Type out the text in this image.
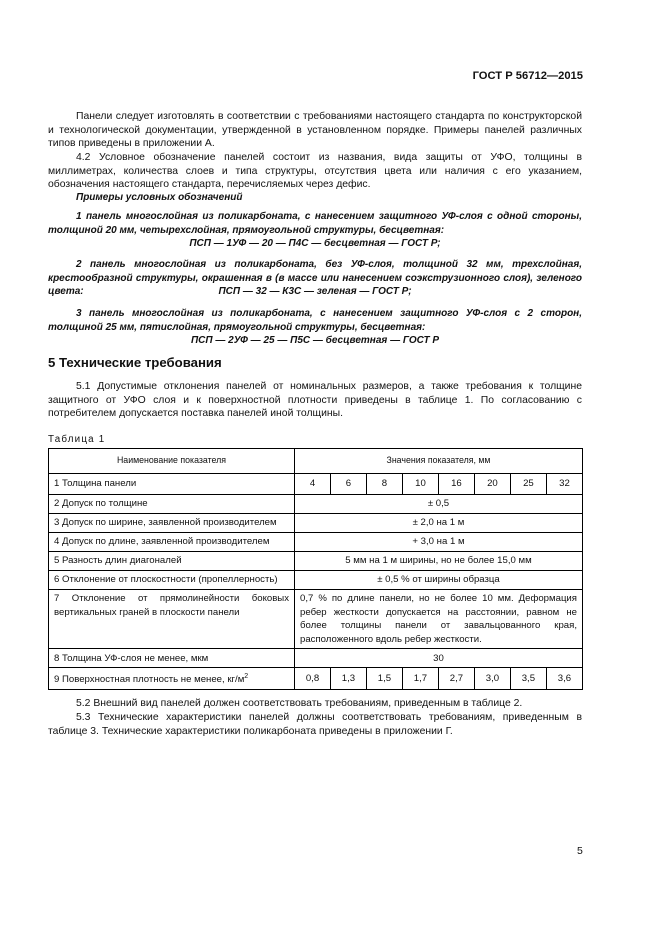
ГОСТ Р 56712—2015

Панели следует изготовлять в соответствии с требованиями настоящего стандарта по конструкторской и технологической документации, утвержденной в установленном порядке. Примеры панелей различных типов приведены в приложении А.

4.2 Условное обозначение панелей состоит из названия, вида защиты от УФО, толщины в миллиметрах, количества слоев и типа структуры, отсутствия цвета или наличия с его указанием, обозначения настоящего стандарта, перечисляемых через дефис.

Примеры условных обозначений

1 панель многослойная из поликарбоната, с нанесением защитного УФ-слоя с одной стороны, толщиной 20 мм, четырехслойная, прямоугольной структуры, бесцветная:

ПСП — 1УФ — 20 — П4С — бесцветная — ГОСТ Р;

2 панель многослойная из поликарбоната, без УФ-слоя, толщиной 32 мм, трехслойная, крестообразной структуры, окрашенная в (в массе или нанесением соэкструзионного слоя), зеленого цвета:	ПСП — 32 — К3С — зеленая — ГОСТ Р;

3 панель многослойная из поликарбоната, с нанесением защитного УФ-слоя с 2 сторон, толщиной 25 мм, пятислойная, прямоугольной структуры, бесцветная:

ПСП — 2УФ — 25 — П5С — бесцветная — ГОСТ Р

5 Технические требования

5.1 Допустимые отклонения панелей от номинальных размеров, а также требования к толщине защитного от УФО слоя и к поверхностной плотности приведены в таблице 1. По согласованию с потребителем допускается поставка панелей иной толщины.

Таблица 1
Наименование показателя	Значения показателя, мм							
1 Толщина панели	4	6	8	10	16	20	25	32
2 Допуск по толщине	± 0,5							
3 Допуск по ширине, заявленной производителем	± 2,0 на 1 м							
4 Допуск по длине, заявленной производителем	+ 3,0 на 1 м							
5 Разность длин диагоналей	5 мм на 1 м ширины, но не более 15,0 мм							
6 Отклонение от плоскостности (пропеллерность)	± 0,5 % от ширины образца							
7 Отклонение от прямолинейности боковых вертикальных граней в плоскости панели	0,7 % по длине панели, но не более 10 мм. Деформация ребер жесткости допускается на расстоянии, равном не более толщины панели от завальцованного края, расположенного вдоль ребер жесткости.							
8 Толщина УФ-слоя не менее, мкм	30							
9 Поверхностная плотность не менее, $кг/м^2$	0,8	1,3	1,5	1,7	2,7	3,0	3,5	3,6

5.2 Внешний вид панелей должен соответствовать требованиям, приведенным в таблице 2.

5.3 Технические характеристики панелей должны соответствовать требованиям, приведенным в таблице 3. Технические характеристики поликарбоната приведены в приложении Г.

5
